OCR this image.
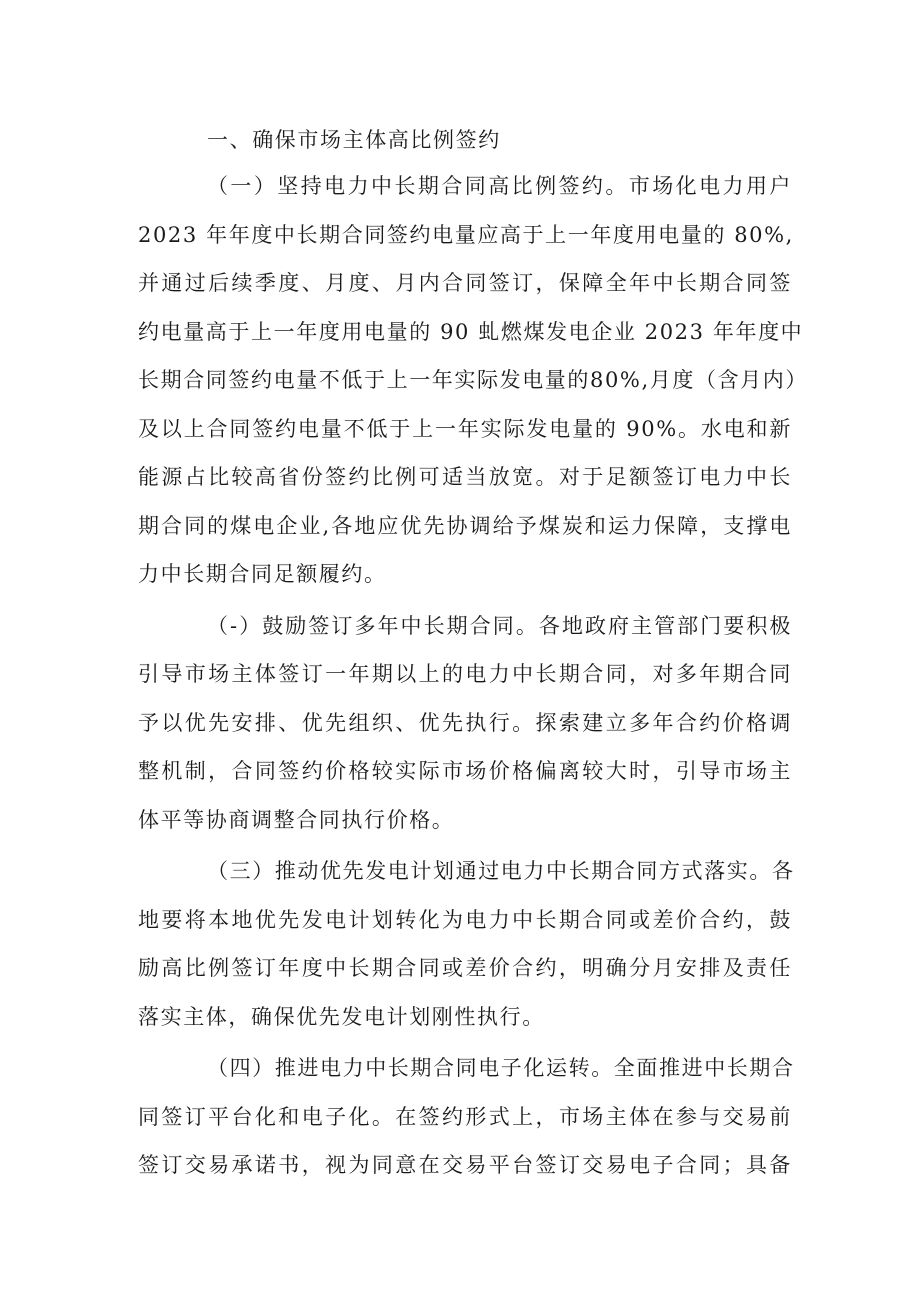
一、确保市场主体高比例签约

（一）坚持电力中长期合同高比例签约。市场化电力用户
2023 年年度中长期合同签约电量应高于上一年度用电量的 80%,
并通过后续季度、月度、月内合同签订，保障全年中长期合同签
约电量高于上一年度用电量的 90 虬燃煤发电企业 2023 年年度中
长期合同签约电量不低于上一年实际发电量的80%,月度（含月内）
及以上合同签约电量不低于上一年实际发电量的 90%。水电和新
能源占比较高省份签约比例可适当放宽。对于足额签订电力中长
期合同的煤电企业,各地应优先协调给予煤炭和运力保障，支撑电
力中长期合同足额履约。

（-）鼓励签订多年中长期合同。各地政府主管部门要积极
引导市场主体签订一年期以上的电力中长期合同，对多年期合同
予以优先安排、优先组织、优先执行。探索建立多年合约价格调
整机制，合同签约价格较实际市场价格偏离较大时，引导市场主
体平等协商调整合同执行价格。

（三）推动优先发电计划通过电力中长期合同方式落实。各
地要将本地优先发电计划转化为电力中长期合同或差价合约，鼓
励高比例签订年度中长期合同或差价合约，明确分月安排及责任
落实主体，确保优先发电计划刚性执行。

（四）推进电力中长期合同电子化运转。全面推进中长期合
同签订平台化和电子化。在签约形式上，市场主体在参与交易前
签订交易承诺书，视为同意在交易平台签订交易电子合同；具备
